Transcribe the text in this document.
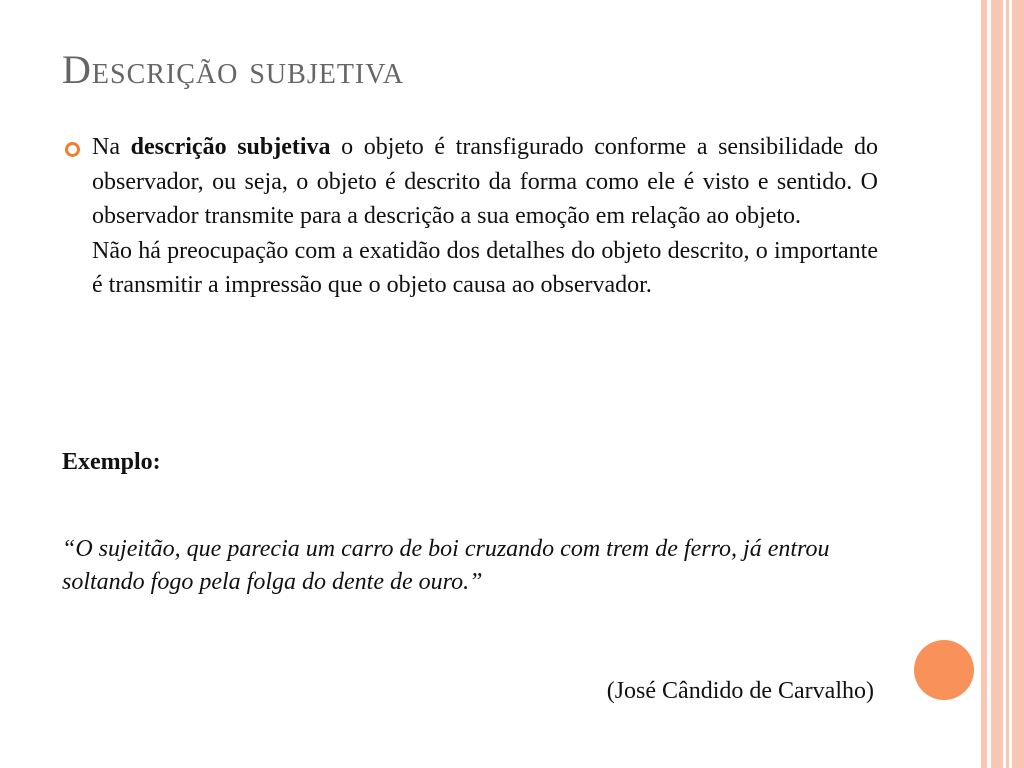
Descrição subjetiva
Na descrição subjetiva o objeto é transfigurado conforme a sensibilidade do observador, ou seja, o objeto é descrito da forma como ele é visto e sentido. O observador transmite para a descrição a sua emoção em relação ao objeto.
Não há preocupação com a exatidão dos detalhes do objeto descrito, o importante é transmitir a impressão que o objeto causa ao observador.
Exemplo:
“O sujeitão, que parecia um carro de boi cruzando com trem de ferro, já entrou soltando fogo pela folga do dente de ouro.”
(José Cândido de Carvalho)
